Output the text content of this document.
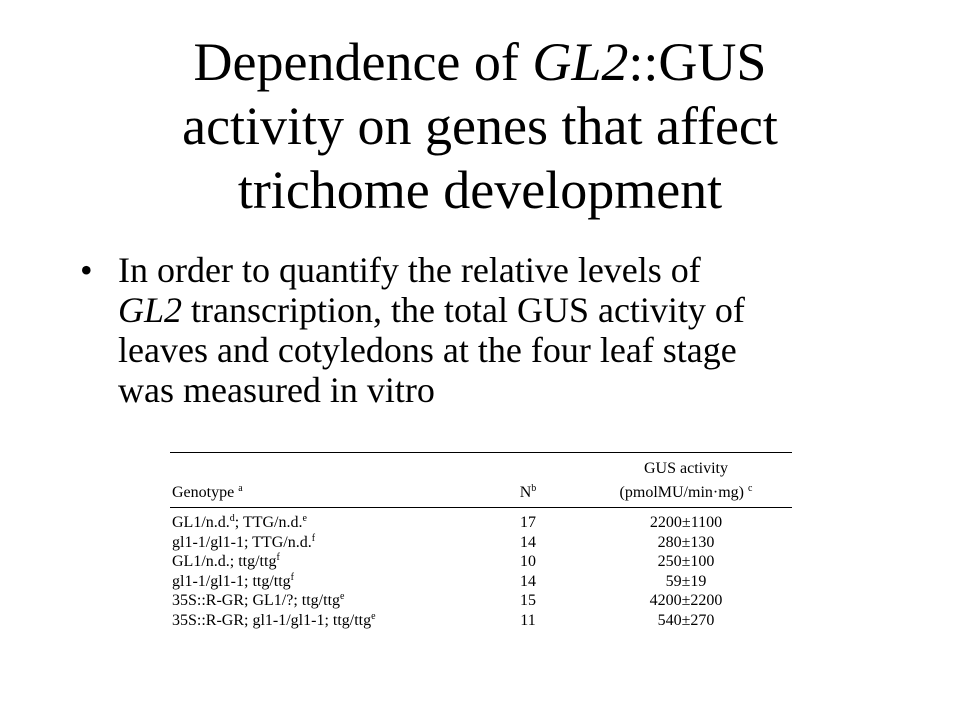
Dependence of GL2::GUS
activity on genes that affect
trichome development
• In order to quantify the relative levels of
GL2 transcription, the total GUS activity of
leaves and cotyledons at the four leaf stage
was measured in vitro
GUS activity
Genotype $^a$	$N^b$	(pmolMU/min·mg) $^c$
GL1/n.d.$^d$; TTG/n.d.$^e$	17	2200±1100
gl1-1/gl1-1; TTG/n.d.$^f$	14	280±130
GL1/n.d.; ttg/ttg$^f$	10	250±100
gl1-1/gl1-1; ttg/ttg$^f$	14	59±19
35S::R-GR; GL1/?; ttg/ttg$^e$	15	4200±2200
35S::R-GR; gl1-1/gl1-1; ttg/ttg$^e$	11	540±270
